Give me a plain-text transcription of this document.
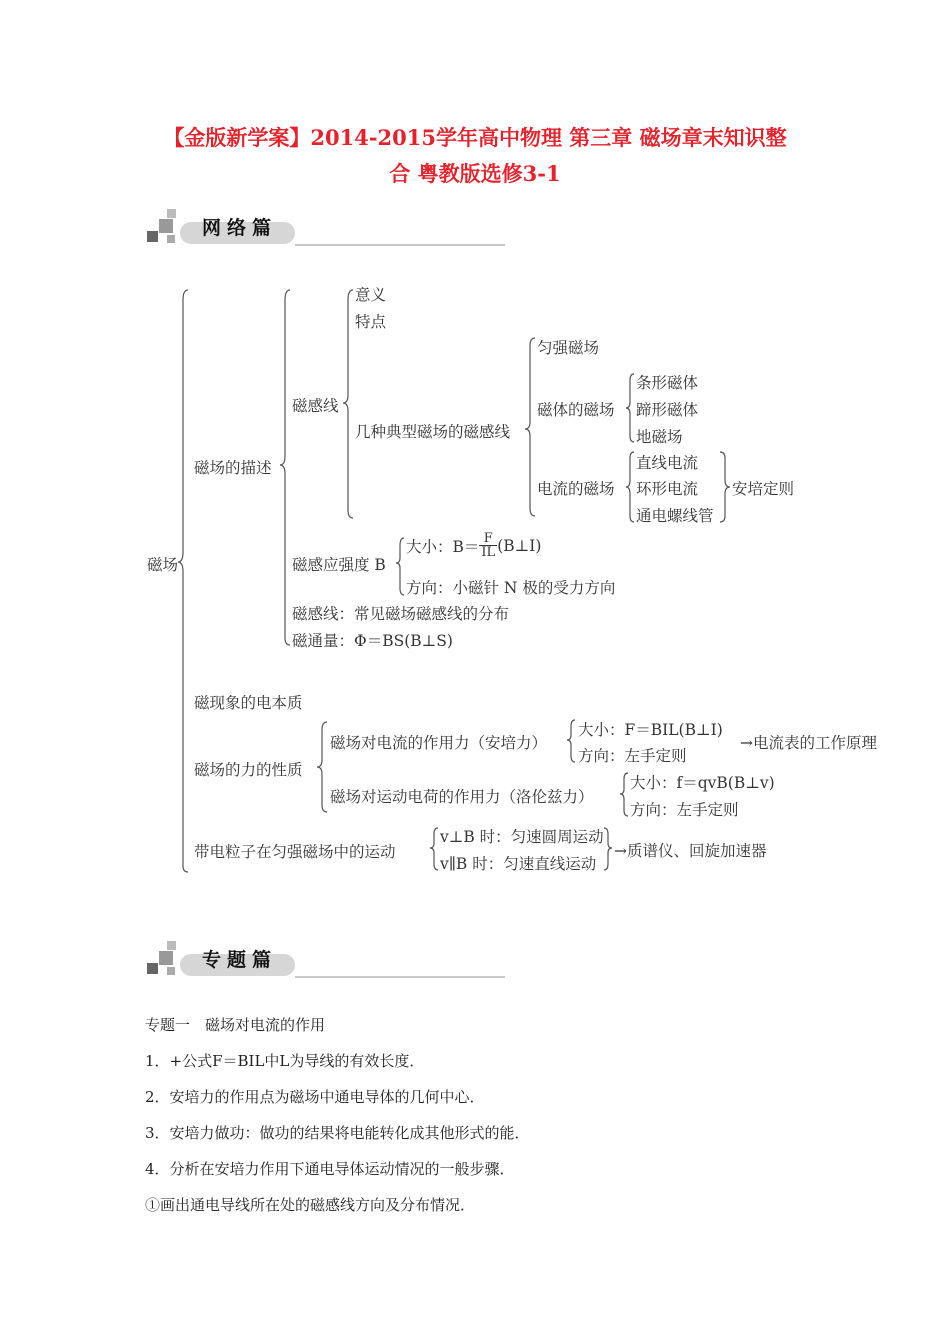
【金版新学案】2014-2015学年高中物理 第三章 磁场章末知识整
合 粤教版选修3-1
网络篇
专题篇
磁场
磁场的描述
磁感线
意义
特点
几种典型磁场的磁感线
匀强磁场
磁体的磁场
条形磁体
蹄形磁体
地磁场
电流的磁场
直线电流
环形电流
通电螺线管
安培定则
磁感应强度 B
大小：$B= \frac{F}{IL}$ (B⊥I)
方向：小磁针 N 极的受力方向
磁感线：常见磁场磁感线的分布
磁通量：Φ＝BS(B⊥S)
磁现象的电本质
磁场的力的性质
磁场对电流的作用力（安培力）
大小：F＝BIL(B⊥I)
方向：左手定则
→电流表的工作原理
磁场对运动电荷的作用力（洛伦兹力）
大小：f＝qvB(B⊥v)
方向：左手定则
带电粒子在匀强磁场中的运动
v⊥B 时：匀速圆周运动
v∥B 时：匀速直线运动
→质谱仪、回旋加速器
专题一　磁场对电流的作用
1．+公式F＝BIL中L为导线的有效长度．
2．安培力的作用点为磁场中通电导体的几何中心．
3．安培力做功：做功的结果将电能转化成其他形式的能．
4．分析在安培力作用下通电导体运动情况的一般步骤．
①画出通电导线所在处的磁感线方向及分布情况．
